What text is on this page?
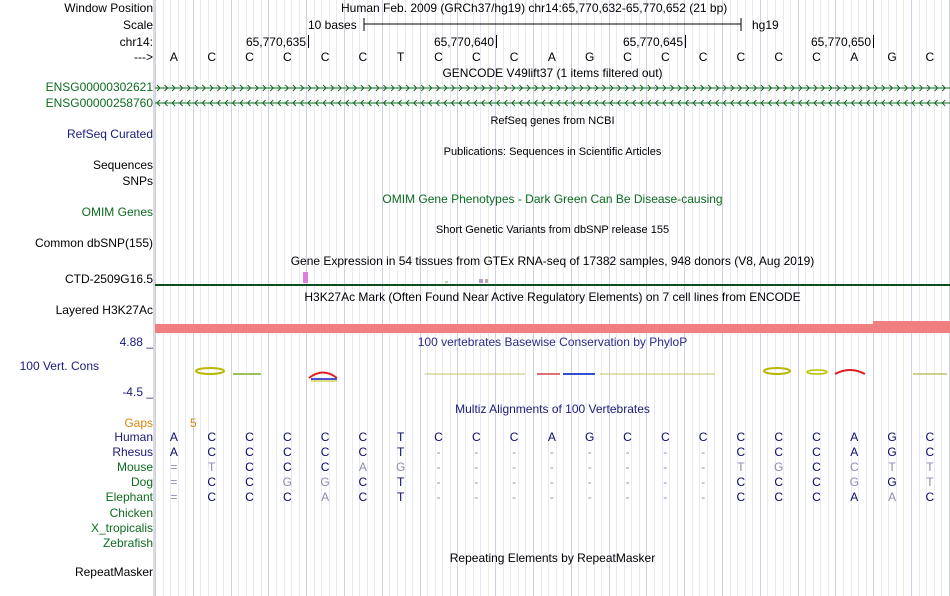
Window Position
Scale
chr14:
--->
ENSG00000302621
ENSG00000258760
RefSeq Curated
Sequences
SNPs
OMIM Genes
Common dbSNP(155)
CTD-2509G16.5
Layered H3K27Ac
4.88 _
100 Vert. Cons
-4.5 _
Gaps
Human
Rhesus
Mouse
Dog
Elephant
Chicken
X_tropicalis
Zebrafish
RepeatMasker
Human Feb. 2009 (GRCh37/hg19) chr14:65,770,632-65,770,652 (21 bp)
10 bases	hg19
65,770,635	65,770,640	65,770,645	65,770,650
A	C	C	C	C	C	T	C	C	C	A	G	C	C	C	C	C	C	A	G	C
GENCODE V49lift37 (1 items filtered out)
RefSeq genes from NCBI
Publications: Sequences in Scientific Articles
OMIM Gene Phenotypes - Dark Green Can Be Disease-causing
Short Genetic Variants from dbSNP release 155
Gene Expression in 54 tissues from GTEx RNA-seq of 17382 samples, 948 donors (V8, Aug 2019)
H3K27Ac Mark (Often Found Near Active Regulatory Elements) on 7 cell lines from ENCODE
100 vertebrates Basewise Conservation by PhyloP
Multiz Alignments of 100 Vertebrates
5
A	C	C	C	C	C	T	C	C	C	A	G	C	C	C	C	C	C	A	G	C
A	C	C	C	C	C	T	-	-	-	-	-	-	-	-	C	C	C	A	G	C
=	T	C	C	C	A	G	-	-	-	-	-	-	-	-	T	G	C	C	T	T
=	C	C	G	G	C	T	-	-	-	-	-	-	-	-	C	C	C	G	G	T
=	C	C	C	A	C	T	-	-	-	-	-	-	-	-	C	C	C	A	A	C
Repeating Elements by RepeatMasker
